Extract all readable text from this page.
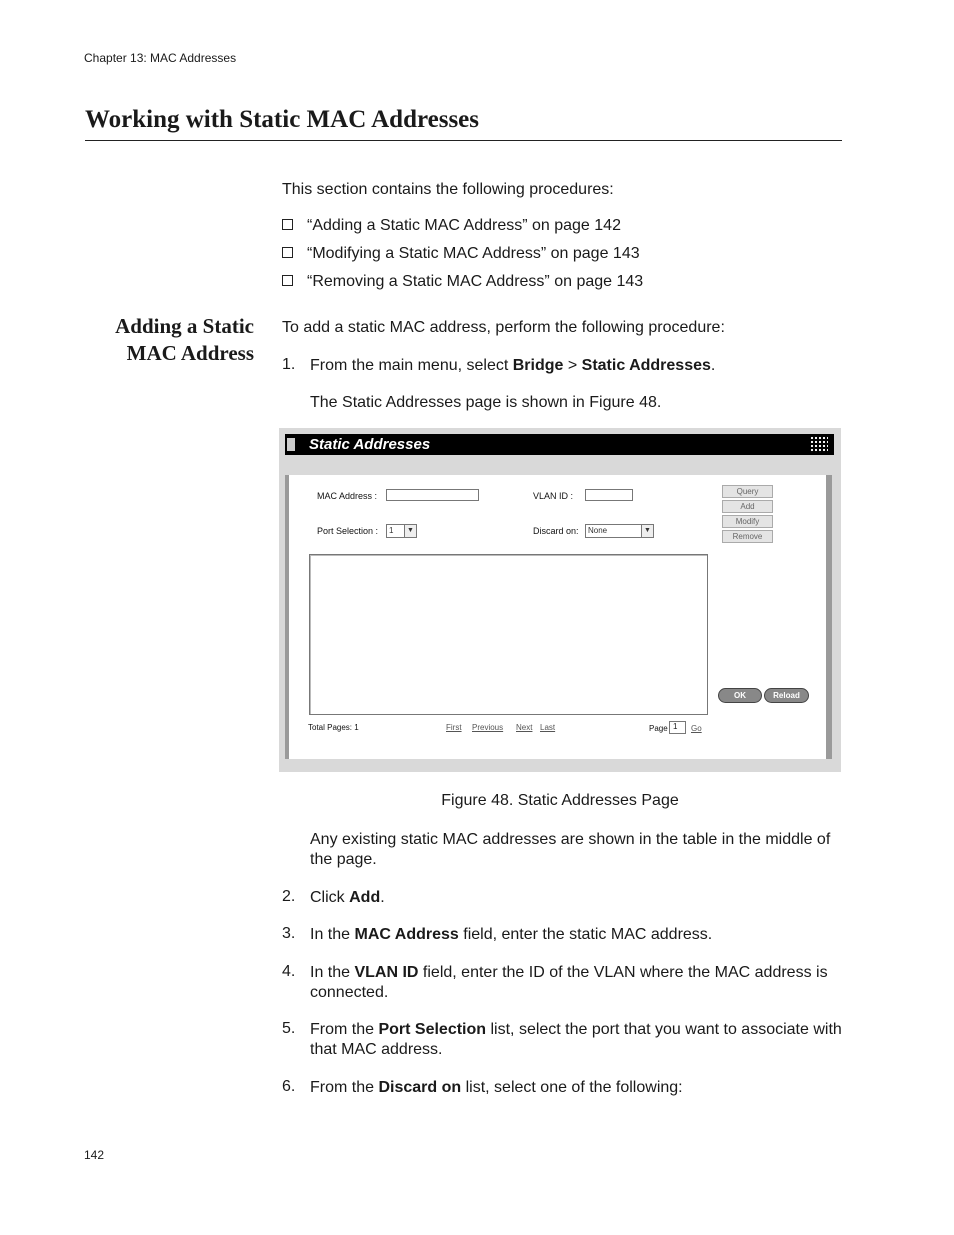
Chapter 13: MAC Addresses
Working with Static MAC Addresses
This section contains the following procedures:
“Adding a Static MAC Address” on page 142
“Modifying a Static MAC Address” on page 143
“Removing a Static MAC Address” on page 143
Adding a Static
MAC Address
To add a static MAC address, perform the following procedure:
1. From the main menu, select Bridge > Static Addresses.
The Static Addresses page is shown in Figure 48.
Static Addresses
MAC Address :	VLAN ID :
Port Selection :	1	▼	Discard on:	None	▼
Query
Add
Modify
Remove
OK	Reload
Total Pages: 1	First Previous Next Last	Page 1	Go
Figure 48. Static Addresses Page
Any existing static MAC addresses are shown in the table in the middle of the page.
2. Click Add.
3. In the MAC Address field, enter the static MAC address.
4. In the VLAN ID field, enter the ID of the VLAN where the MAC address is connected.
5. From the Port Selection list, select the port that you want to associate with that MAC address.
6. From the Discard on list, select one of the following:
142
